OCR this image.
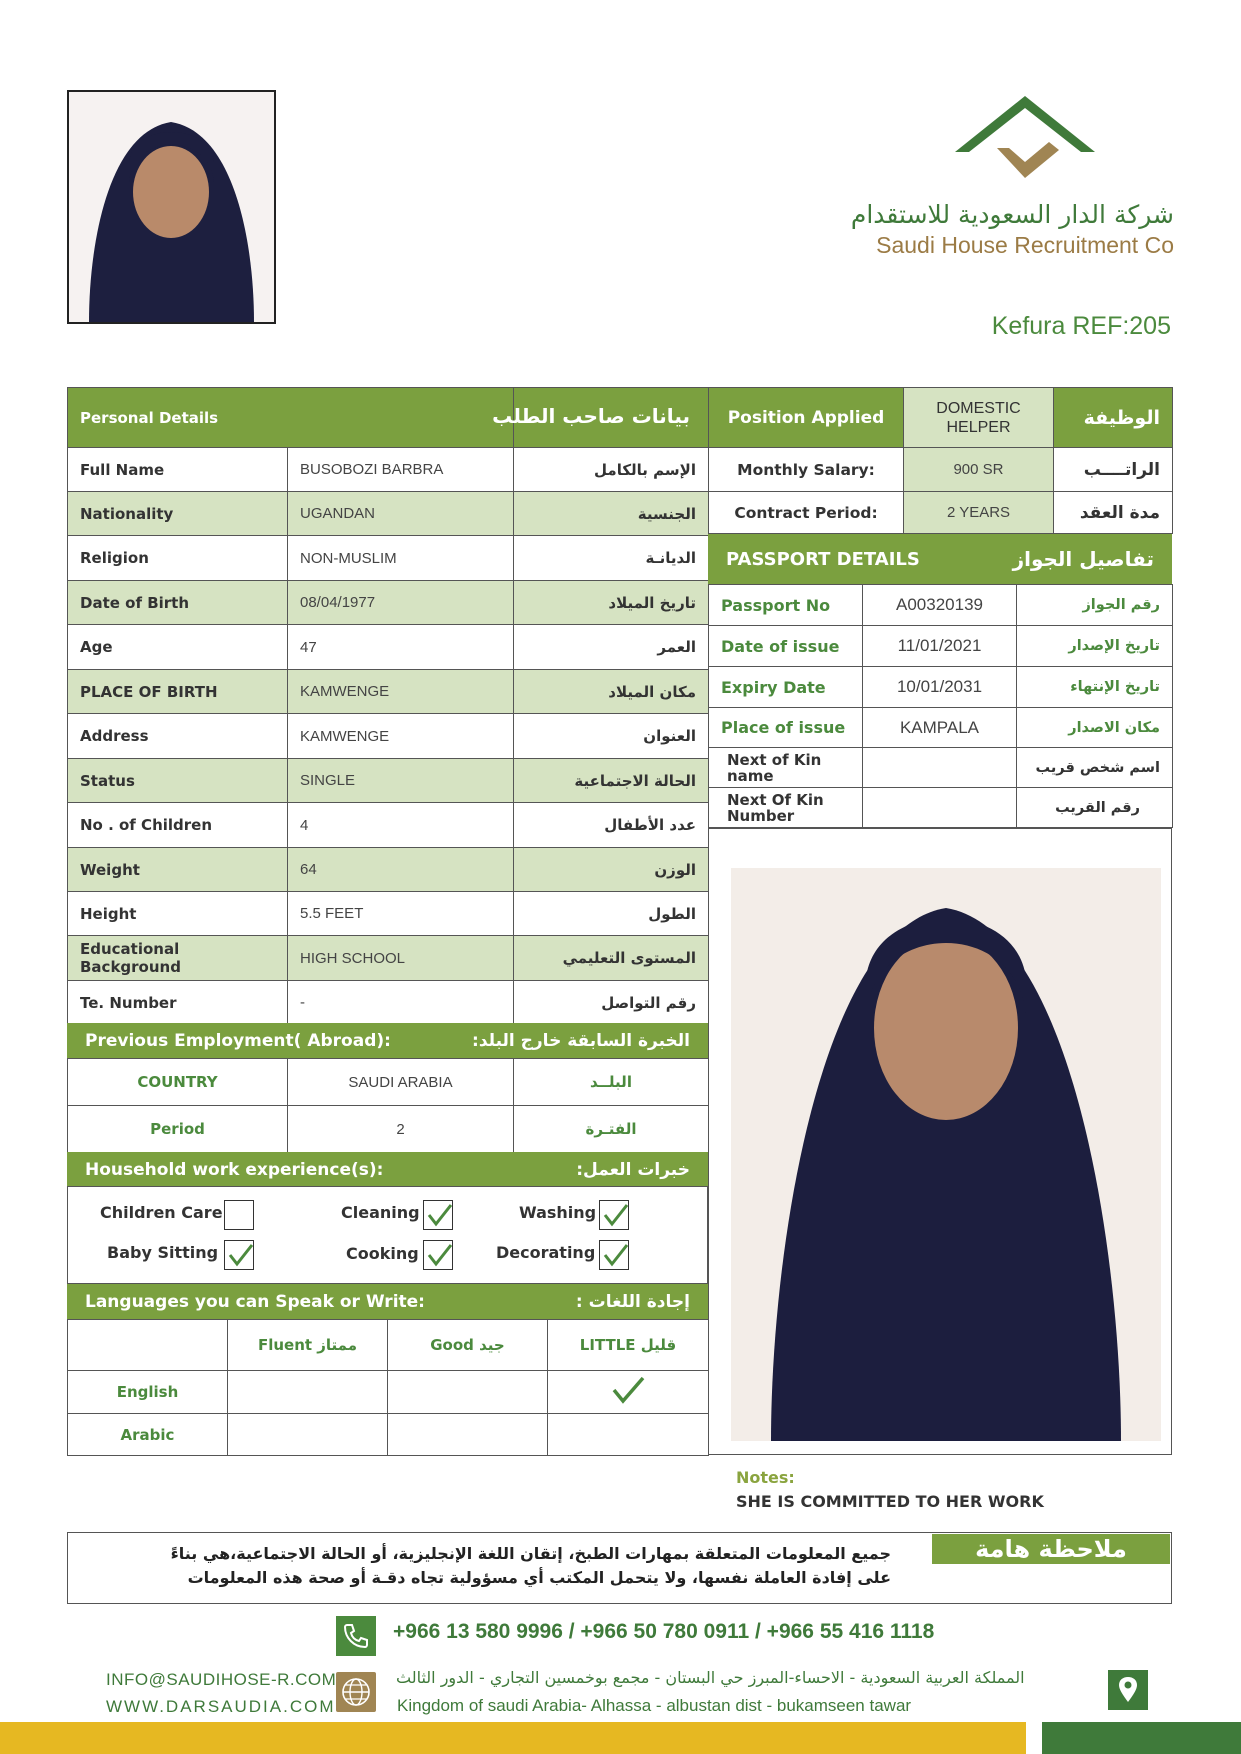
شركة الدار السعودية للاستقدام
Saudi House Recruitment Co
Kefura REF:205
Personal Details		بيانات صاحب الطلب

Full Name	BUSOBOZI BARBRA	الإسم بالكامل
Nationality	UGANDAN	الجنسية
Religion	NON-MUSLIM	الديانـة
Date of Birth	08/04/1977	تاريخ الميلاد
Age	47	العمر
PLACE OF BIRTH	KAMWENGE	مكان الميلاد
Address	KAMWENGE	العنوان
Status	SINGLE	الحالة الاجتماعية
No . of Children	4	عدد الأطفال
Weight	64	الوزن
Height	5.5 FEET	الطول
Educational Background	HIGH SCHOOL	المستوى التعليمي
Te. Number	-	رقم التواصل
Previous Employment( Abroad):	الخبرة السابقة خارج البلد:
COUNTRY	SAUDI ARABIA	البلــد
Period	2	الفتـرة
Household work experience(s):	خبرات العمل:
Children Care	Cleaning	Washing
Baby Sitting	Cooking	Decorating
Languages you can Speak or Write:	إجادة اللغات :
	Fluent ممتاز	Good جيد	LITTLE قليل
English			
Arabic			
Position Applied	DOMESTIC HELPER	الوظيفة
Monthly Salary:	900 SR	الراتــــب
Contract Period:	2 YEARS	مدة العقد
PASSPORT DETAILS	تفاصيل الجواز
Passport No	A00320139	رقم الجواز
Date of issue	11/01/2021	تاريخ الإصدار
Expiry Date	10/01/2031	تاريخ الإنتهاء
Place of issue	KAMPALA	مكان الاصدار
Next of Kin name		اسم شخص قريب
Next Of Kin Number		رقم القريب
Notes:
SHE IS COMMITTED TO HER WORK
ملاحظة هامة
جميع المعلومات المتعلقة بمهارات الطبخ، إتقان اللغة الإنجليزية، أو الحالة الاجتماعية،هي بناءً
على إفادة العاملة نفسها، ولا يتحمل المكتب أي مسؤولية تجاه دقـة أو صحة هذه المعلومات
+966 13 580 9996 / +966 50 780 0911 / +966 55 416 1118
INFO@SAUDIHOSE-R.COM
WWW.DARSAUDIA.COM
المملكة العربية السعودية - الاحساء-المبرز حي البستان - مجمع بوخمسين التجاري - الدور الثالث
Kingdom of saudi Arabia- Alhassa - albustan dist - bukamseen tawar
